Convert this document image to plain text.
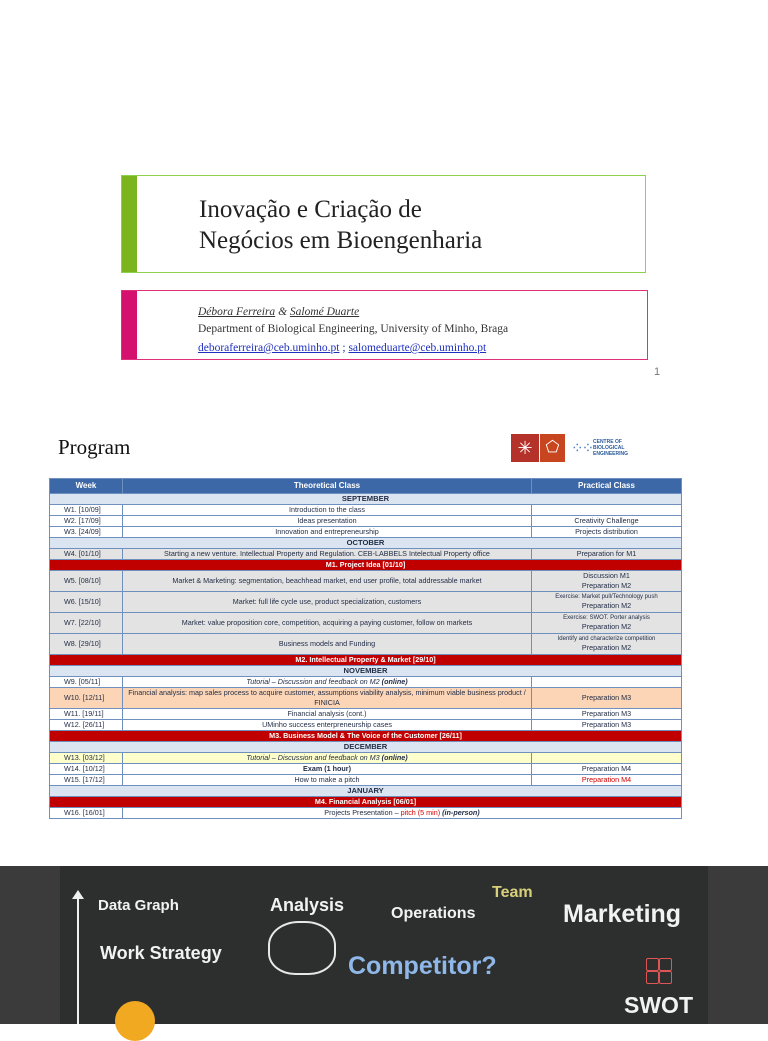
Inovação e Criação de
Negócios em Bioengenharia
Débora Ferreira & Salomé Duarte
Department of Biological Engineering, University of Minho, Braga
deboraferreira@ceb.uminho.pt ; salomeduarte@ceb.uminho.pt
1
Program	✳ ⬠ ⁘⁘ CENTRE OF BIOLOGICAL ENGINEERING
Week	Theoretical Class	Practical Class
SEPTEMBER		
W1. [10/09]	Introduction to the class	
W2. [17/09]	Ideas presentation	Creativity Challenge
W3. [24/09]	Innovation and entrepreneurship	Projects distribution
OCTOBER		
W4. [01/10]	Starting a new venture. Intellectual Property and Regulation. CEB-LABBELS Intelectual Property office	Preparation for M1
M1. Project Idea [01/10]		
W5. [08/10]	Market & Marketing: segmentation, beachhead market, end user profile, total addressable market	Discussion M1
Preparation M2

W6. [15/10]	Market: full life cycle use, product specialization, customers	Exercise: Market pull/Technology push
Preparation M2

W7. [22/10]	Market: value proposition core, competition, acquiring a paying customer, follow on markets	Exercise: SWOT. Porter analysis
Preparation M2

W8. [29/10]	Business models and Funding	Identify and characterize competition
Preparation M2

M2. Intellectual Property & Market [29/10]		
NOVEMBER		
W9. [05/11]	Tutorial – Discussion and feedback on M2 (online)	
W10. [12/11]	Financial analysis: map sales process to acquire customer, assumptions viability analysis, minimum viable business product / FINICIA	Preparation M3
W11. [19/11]	Financial analysis (cont.)	Preparation M3
W12. [26/11]	UMinho success enterpreneurship cases	Preparation M3
M3. Business Model & The Voice of the Customer [26/11]		
DECEMBER		
W13. [03/12]	Tutorial – Discussion and feedback on M3 (online)	
W14. [10/12]	Exam (1 hour)	Preparation M4
W15. [17/12]	How to make a pitch	Preparation M4
JANUARY		
M4. Financial Analysis [06/01]		
W16. [16/01]	Projects Presentation – pitch (5 min) (in-person)	
Data Graph	Analysis
Team
Operations	Marketing
Work Strategy	Competitor?
SWOT
